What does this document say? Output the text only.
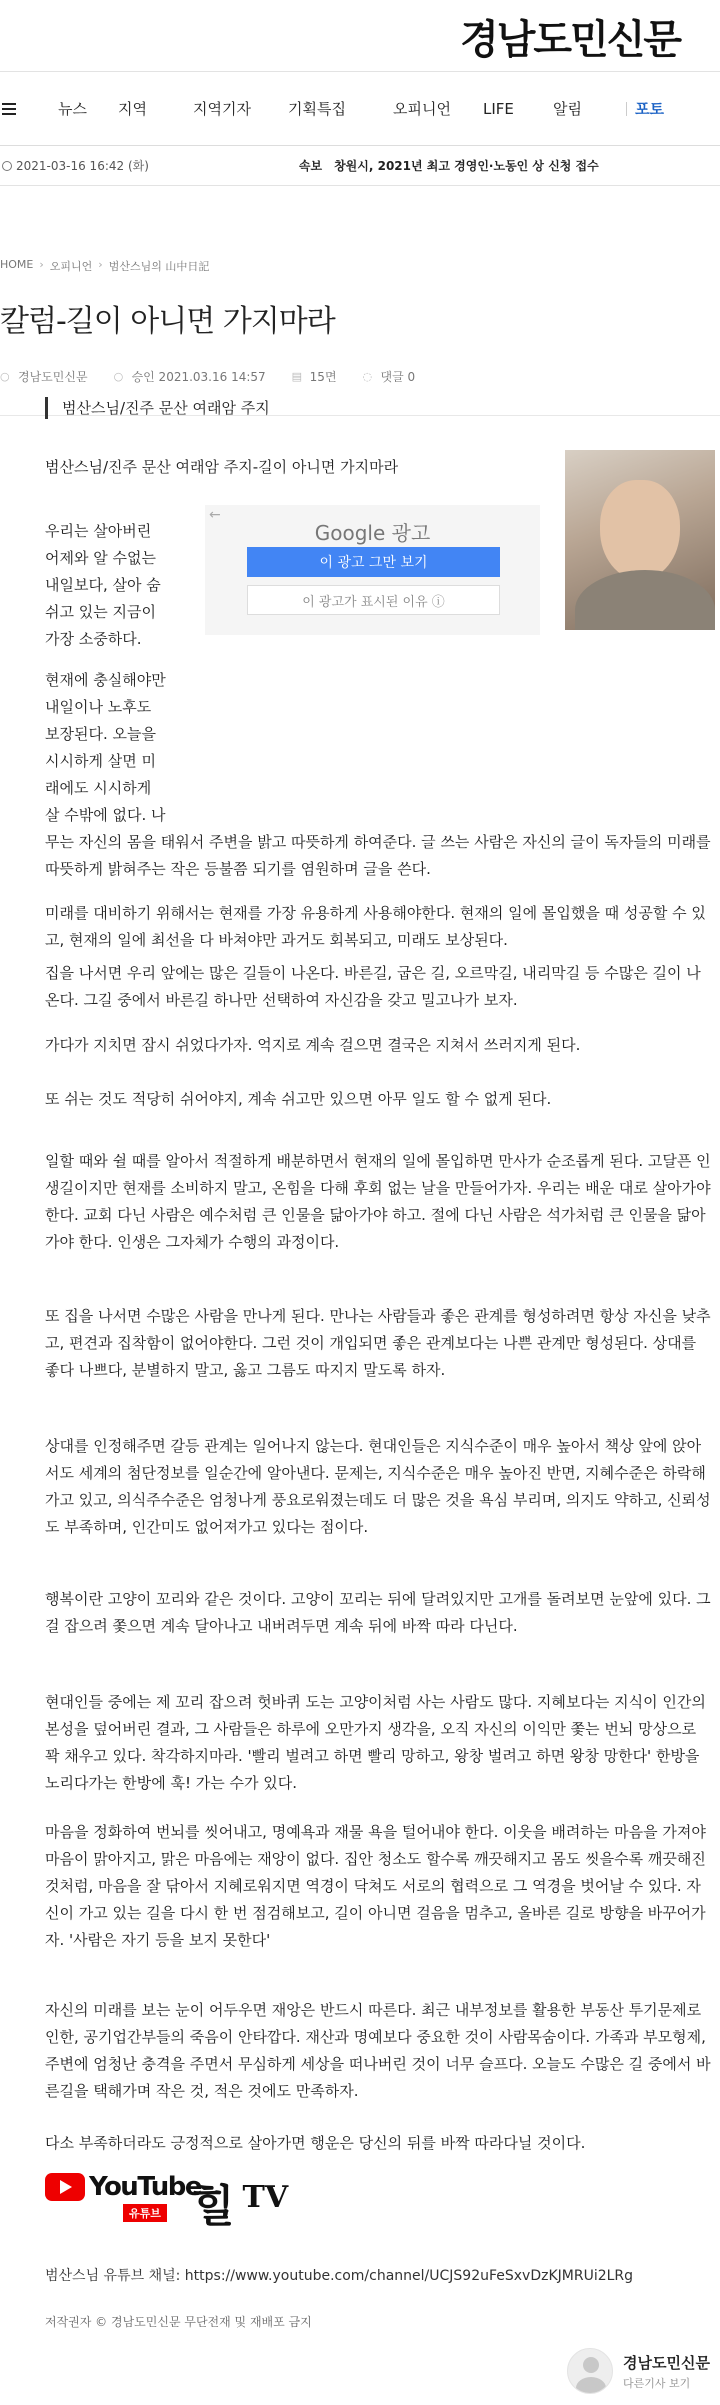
경남도민신문
뉴스	지역	지역기자	기획특집	오피니언	LIFE	알림	포토
2021-03-16 16:42 (화)	속보 창원시, 2021년 최고 경영인·노동인 상 신청 접수
HOME › 오피니언 › 범산스님의 山中日記
칼럼-길이 아니면 가지마라
○ 경남도민신문 ○ 승인 2021.03.16 14:57 ▤ 15면 ◌ 댓글 0
범산스님/진주 문산 여래암 주지
범산스님/진주 문산 여래암 주지-길이 아니면 가지마라
←
Google 광고
이 광고 그만 보기
이 광고가 표시된 이유 ⓘ
우리는 살아버린
어제와 알 수없는
내일보다, 살아 숨
쉬고 있는 지금이
가장 소중하다.
현재에 충실해야만
내일이나 노후도
보장된다. 오늘을
시시하게 살면 미
래에도 시시하게
살 수밖에 없다. 나
무는 자신의 몸을 태워서 주변을 밝고 따뜻하게 하여준다. 글 쓰는 사람은 자신의 글이 독자들의 미래를 따뜻하게 밝혀주는 작은 등불쯤 되기를 염원하며 글을 쓴다.
미래를 대비하기 위해서는 현재를 가장 유용하게 사용해야한다. 현재의 일에 몰입했을 때 성공할 수 있고, 현재의 일에 최선을 다 바쳐야만 과거도 회복되고, 미래도 보상된다.
집을 나서면 우리 앞에는 많은 길들이 나온다. 바른길, 굽은 길, 오르막길, 내리막길 등 수많은 길이 나온다. 그길 중에서 바른길 하나만 선택하여 자신감을 갖고 밀고나가 보자.
가다가 지치면 잠시 쉬었다가자. 억지로 계속 걸으면 결국은 지쳐서 쓰러지게 된다.
또 쉬는 것도 적당히 쉬어야지, 계속 쉬고만 있으면 아무 일도 할 수 없게 된다.
일할 때와 쉴 때를 알아서 적절하게 배분하면서 현재의 일에 몰입하면 만사가 순조롭게 된다. 고달픈 인생길이지만 현재를 소비하지 말고, 온힘을 다해 후회 없는 날을 만들어가자. 우리는 배운 대로 살아가야한다. 교회 다닌 사람은 예수처럼 큰 인물을 닮아가야 하고. 절에 다닌 사람은 석가처럼 큰 인물을 닮아가야 한다. 인생은 그자체가 수행의 과정이다.
또 집을 나서면 수많은 사람을 만나게 된다. 만나는 사람들과 좋은 관계를 형성하려면 항상 자신을 낮추고, 편견과 집착함이 없어야한다. 그런 것이 개입되면 좋은 관계보다는 나쁜 관계만 형성된다. 상대를 좋다 나쁘다, 분별하지 말고, 옳고 그름도 따지지 말도록 하자.
상대를 인정해주면 갈등 관계는 일어나지 않는다. 현대인들은 지식수준이 매우 높아서 책상 앞에 앉아서도 세계의 첨단정보를 일순간에 알아낸다. 문제는, 지식수준은 매우 높아진 반면, 지혜수준은 하락해가고 있고, 의식주수준은 엄청나게 풍요로워졌는데도 더 많은 것을 욕심 부리며, 의지도 약하고, 신뢰성도 부족하며, 인간미도 없어져가고 있다는 점이다.
행복이란 고양이 꼬리와 같은 것이다. 고양이 꼬리는 뒤에 달려있지만 고개를 돌려보면 눈앞에 있다. 그걸 잡으려 쫓으면 계속 달아나고 내버려두면 계속 뒤에 바짝 따라 다닌다.
현대인들 중에는 제 꼬리 잡으려 헛바퀴 도는 고양이처럼 사는 사람도 많다. 지혜보다는 지식이 인간의 본성을 덮어버린 결과, 그 사람들은 하루에 오만가지 생각을, 오직 자신의 이익만 쫓는 번뇌 망상으로 꽉 채우고 있다. 착각하지마라. '빨리 벌려고 하면 빨리 망하고, 왕창 벌려고 하면 왕창 망한다' 한방을 노리다가는 한방에 훅! 가는 수가 있다.
마음을 정화하여 번뇌를 씻어내고, 명예욕과 재물 욕을 털어내야 한다. 이웃을 배려하는 마음을 가져야 마음이 맑아지고, 맑은 마음에는 재앙이 없다. 집안 청소도 할수록 깨끗해지고 몸도 씻을수록 깨끗해진 것처럼, 마음을 잘 닦아서 지혜로워지면 역경이 닥쳐도 서로의 협력으로 그 역경을 벗어날 수 있다. 자신이 가고 있는 길을 다시 한 번 점검해보고, 길이 아니면 걸음을 멈추고, 올바른 길로 방향을 바꾸어가자. '사람은 자기 등을 보지 못한다'
자신의 미래를 보는 눈이 어두우면 재앙은 반드시 따른다. 최근 내부정보를 활용한 부동산 투기문제로 인한, 공기업간부들의 죽음이 안타깝다. 재산과 명예보다 중요한 것이 사람목숨이다. 가족과 부모형제, 주변에 엄청난 충격을 주면서 무심하게 세상을 떠나버린 것이 너무 슬프다. 오늘도 수많은 길 중에서 바른길을 택해가며 작은 것, 적은 것에도 만족하자.
다소 부족하더라도 긍정적으로 살아가면 행운은 당신의 뒤를 바짝 따라다닐 것이다.
YouTube
유튜브 힐 $^{TV}$
범산스님 유튜브 채널: https://www.youtube.com/channel/UCJS92uFeSxvDzKJMRUi2LRg
저작권자 © 경남도민신문 무단전재 및 재배포 금지
경남도민신문
다른기사 보기
